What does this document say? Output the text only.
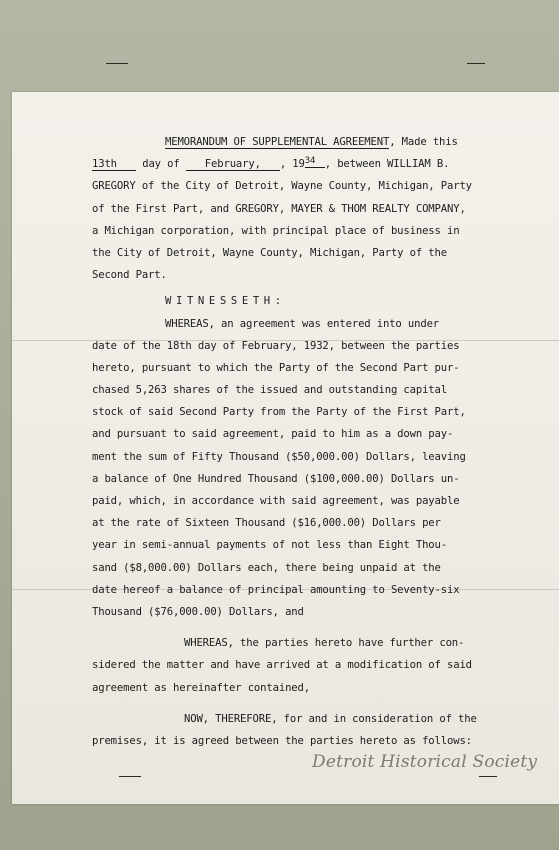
MEMORANDUM OF SUPPLEMENTAL AGREEMENT, Made this
13th day of February, , 1934 , between WILLIAM B.
GREGORY of the City of Detroit, Wayne County, Michigan, Party
of the First Part, and GREGORY, MAYER & THOM REALTY COMPANY,
a Michigan corporation, with principal place of business in
the City of Detroit, Wayne County, Michigan, Party of the
Second Part.
WITNESSETH:
WHEREAS, an agreement was entered into under
date of the 18th day of February, 1932, between the parties
hereto, pursuant to which the Party of the Second Part pur-
chased 5,263 shares of the issued and outstanding capital
stock of said Second Party from the Party of the First Part,
and pursuant to said agreement, paid to him as a down pay-
ment the sum of Fifty Thousand ($50,000.00) Dollars, leaving
a balance of One Hundred Thousand ($100,000.00) Dollars un-
paid, which, in accordance with said agreement, was payable
at the rate of Sixteen Thousand ($16,000.00) Dollars per
year in semi-annual payments of not less than Eight Thou-
sand ($8,000.00) Dollars each, there being unpaid at the
date hereof a balance of principal amounting to Seventy-six
Thousand ($76,000.00) Dollars, and
WHEREAS, the parties hereto have further con-
sidered the matter and have arrived at a modification of said
agreement as hereinafter contained,
NOW, THEREFORE, for and in consideration of the
premises, it is agreed between the parties hereto as follows:
Detroit Historical Society
